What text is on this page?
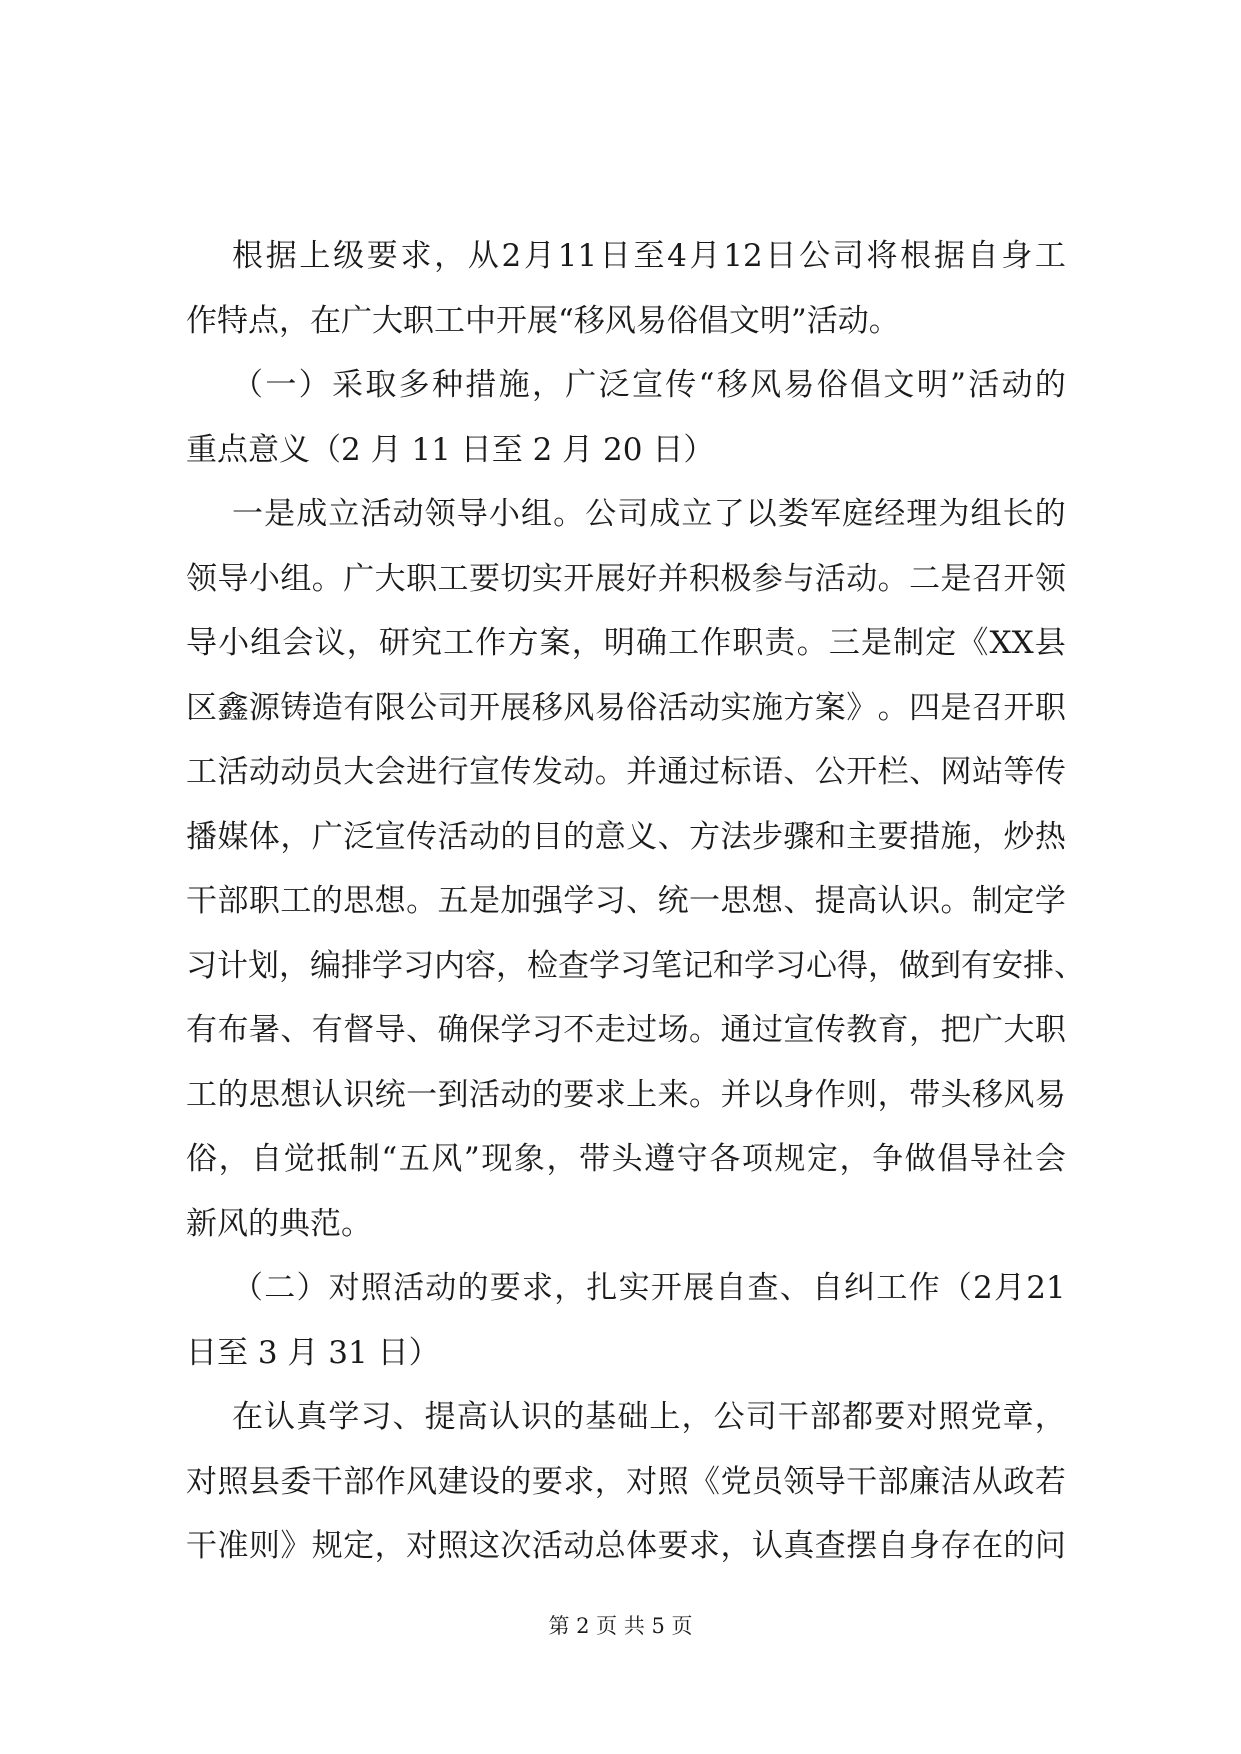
根 据 上 级 要 求 ， 从 2 月 11 日 至 4 月 12 日 公 司 将 根 据 自 身 工
作特点，在广大职工中开展“移风易俗倡文明”活动。
（ 一 ） 采 取 多 种 措 施 ， 广 泛 宣 传 “ 移 风 易 俗 倡 文 明 ” 活 动 的
重点意义（2 月 11 日至 2 月 20 日）
一 是 成 立 活 动 领 导 小 组 。 公 司 成 立 了 以 娄 军 庭 经 理 为 组 长 的
领 导 小 组 。 广 大 职 工 要 切 实 开 展 好 并 积 极 参 与 活 动 。 二 是 召 开 领
导 小 组 会 议 ， 研 究 工 作 方 案 ， 明 确 工 作 职 责 。 三 是 制 定 《 XX 县
区 鑫 源 铸 造 有 限 公 司 开 展 移 风 易 俗 活 动 实 施 方 案 》 。 四 是 召 开 职
工 活 动 动 员 大 会 进 行 宣 传 发 动 。 并 通 过 标 语 、 公 开 栏 、 网 站 等 传
播 媒 体 ， 广 泛 宣 传 活 动 的 目 的 意 义 、 方 法 步 骤 和 主 要 措 施 ， 炒 热
干 部 职 工 的 思 想 。 五 是 加 强 学 习 、 统 一 思 想 、 提 高 认 识 。 制 定 学
习 计 划 ， 编 排 学 习 内 容 ， 检 查 学 习 笔 记 和 学 习 心 得 ， 做 到 有 安 排 、
有 布 暑 、 有 督 导 、 确 保 学 习 不 走 过 场 。 通 过 宣 传 教 育 ， 把 广 大 职
工 的 思 想 认 识 统 一 到 活 动 的 要 求 上 来 。 并 以 身 作 则 ， 带 头 移 风 易
俗 ， 自 觉 抵 制 “ 五 风 ” 现 象 ， 带 头 遵 守 各 项 规 定 ， 争 做 倡 导 社 会
新风的典范。
（ 二 ） 对 照 活 动 的 要 求 ， 扎 实 开 展 自 查 、 自 纠 工 作 （ 2 月 21
日至 3 月 31 日）
在 认 真 学 习 、 提 高 认 识 的 基 础 上 ， 公 司 干 部 都 要 对 照 党 章 ，
对 照 县 委 干 部 作 风 建 设 的 要 求 ， 对 照 《 党 员 领 导 干 部 廉 洁 从 政 若
干 准 则 》 规 定 ， 对 照 这 次 活 动 总 体 要 求 ， 认 真 查 摆 自 身 存 在 的 问
第 2 页 共 5 页
